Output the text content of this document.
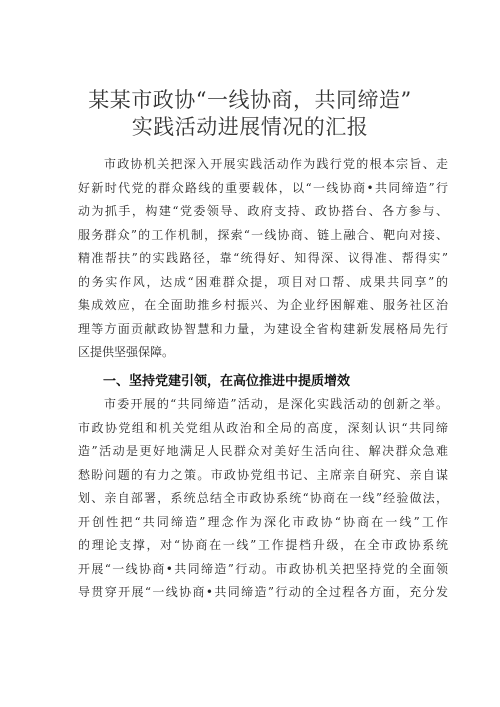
某某市政协“一线协商，共同缔造”
实践活动进展情况的汇报
市政协机关把深入开展实践活动作为践行党的根本宗旨、走
好新时代党的群众路线的重要载体，以“一线协商•共同缔造”行
动为抓手，构建“党委领导、政府支持、政协搭台、各方参与、
服务群众”的工作机制，探索“一线协商、链上融合、靶向对接、
精准帮扶”的实践路径，靠“统得好、知得深、议得准、帮得实”
的务实作风，达成“困难群众提，项目对口帮、成果共同享”的
集成效应，在全面助推乡村振兴、为企业纾困解难、服务社区治
理等方面贡献政协智慧和力量，为建设全省构建新发展格局先行
区提供坚强保障。
一、坚持党建引领，在高位推进中提质增效
市委开展的“共同缔造”活动，是深化实践活动的创新之举。
市政协党组和机关党组从政治和全局的高度，深刻认识“共同缔
造”活动是更好地满足人民群众对美好生活向往、解决群众急难
愁盼问题的有力之策。市政协党组书记、主席亲自研究、亲自谋
划、亲自部署，系统总结全市政协系统“协商在一线”经验做法，
开创性把“共同缔造”理念作为深化市政协“协商在一线”工作
的理论支撑，对“协商在一线”工作提档升级，在全市政协系统
开展“一线协商•共同缔造”行动。市政协机关把坚持党的全面领
导贯穿开展“一线协商•共同缔造”行动的全过程各方面，充分发
